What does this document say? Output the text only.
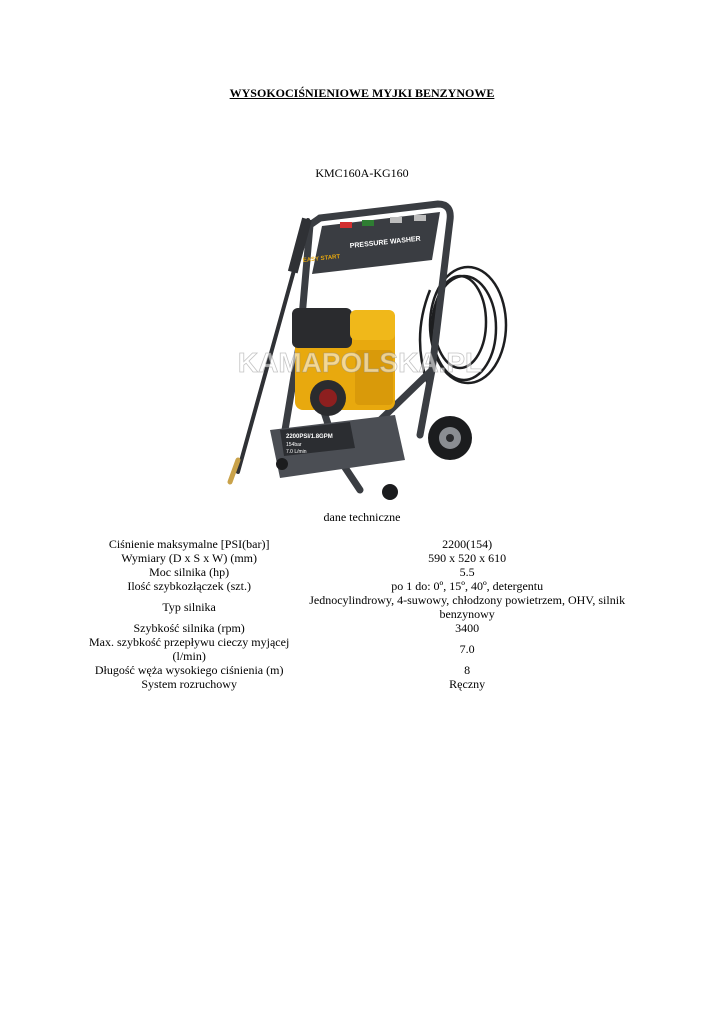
WYSOKOCIŚNIENIOWE MYJKI BENZYNOWE
KMC160A-KG160
PRESSURE WASHER
EASY START
2200PSI/1.8GPM
154bar
7.0 L/min
KAMAPOLSKA.PL
dane techniczne
Ciśnienie maksymalne [PSI(bar)]	2200(154)
Wymiary (D x S x W) (mm)	590 x 520 x 610
Moc silnika (hp)	5.5
Ilość szybkozłączek (szt.)	po 1 do: 0º, 15º, 40º, detergentu
Typ silnika	Jednocylindrowy, 4-suwowy, chłodzony powietrzem, OHV, silnik benzynowy
Szybkość silnika (rpm)	3400
Max. szybkość przepływu cieczy myjącej (l/min)	7.0
Długość węża wysokiego ciśnienia (m)	8
System rozruchowy	Ręczny
